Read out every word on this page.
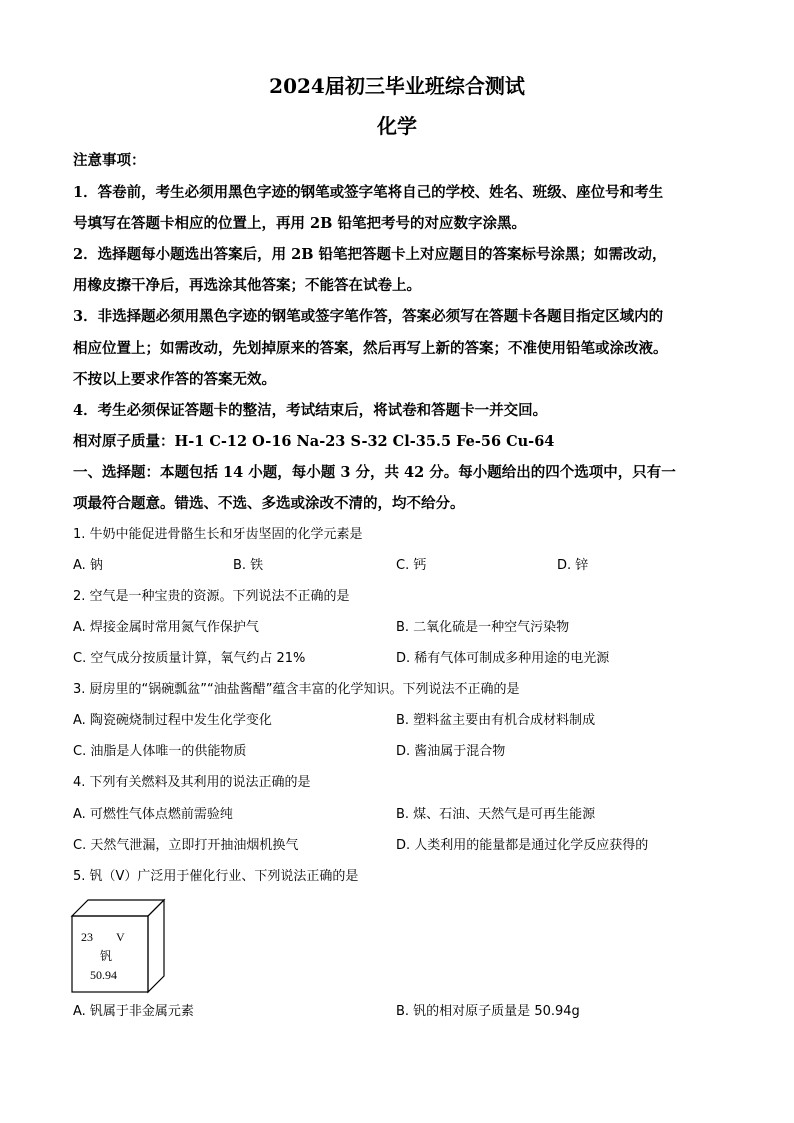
2024届初三毕业班综合测试
化学
注意事项：
1．答卷前，考生必须用黑色字迹的钢笔或签字笔将自己的学校、姓名、班级、座位号和考生
号填写在答题卡相应的位置上，再用 2B 铅笔把考号的对应数字涂黑。
2．选择题每小题选出答案后，用 2B 铅笔把答题卡上对应题目的答案标号涂黑；如需改动，
用橡皮擦干净后，再选涂其他答案；不能答在试卷上。
3．非选择题必须用黑色字迹的钢笔或签字笔作答，答案必须写在答题卡各题目指定区域内的
相应位置上；如需改动，先划掉原来的答案，然后再写上新的答案；不准使用铅笔或涂改液。
不按以上要求作答的答案无效。
4．考生必须保证答题卡的整洁，考试结束后，将试卷和答题卡一并交回。
相对原子质量：H-1 C-12 O-16 Na-23 S-32 Cl-35.5 Fe-56 Cu-64
一、选择题：本题包括 14 小题，每小题 3 分，共 42 分。每小题给出的四个选项中，只有一
项最符合题意。错选、不选、多选或涂改不清的，均不给分。
1. 牛奶中能促进骨骼生长和牙齿坚固的化学元素是
A. 钠	B. 铁	C. 钙	D. 锌
2. 空气是一种宝贵的资源。下列说法不正确的是
A. 焊接金属时常用氮气作保护气	B. 二氧化硫是一种空气污染物
C. 空气成分按质量计算，氧气约占 21%	D. 稀有气体可制成多种用途的电光源
3. 厨房里的“锅碗瓢盆”“油盐酱醋”蕴含丰富的化学知识。下列说法不正确的是
A. 陶瓷碗烧制过程中发生化学变化	B. 塑料盆主要由有机合成材料制成
C. 油脂是人体唯一的供能物质	D. 酱油属于混合物
4. 下列有关燃料及其利用的说法正确的是
A. 可燃性气体点燃前需验纯	B. 煤、石油、天然气是可再生能源
C. 天然气泄漏，立即打开抽油烟机换气	D. 人类利用的能量都是通过化学反应获得的
5. 钒（V）广泛用于催化行业、下列说法正确的是
23 V
钒
50.94
A. 钒属于非金属元素	B. 钒的相对原子质量是 50.94g
